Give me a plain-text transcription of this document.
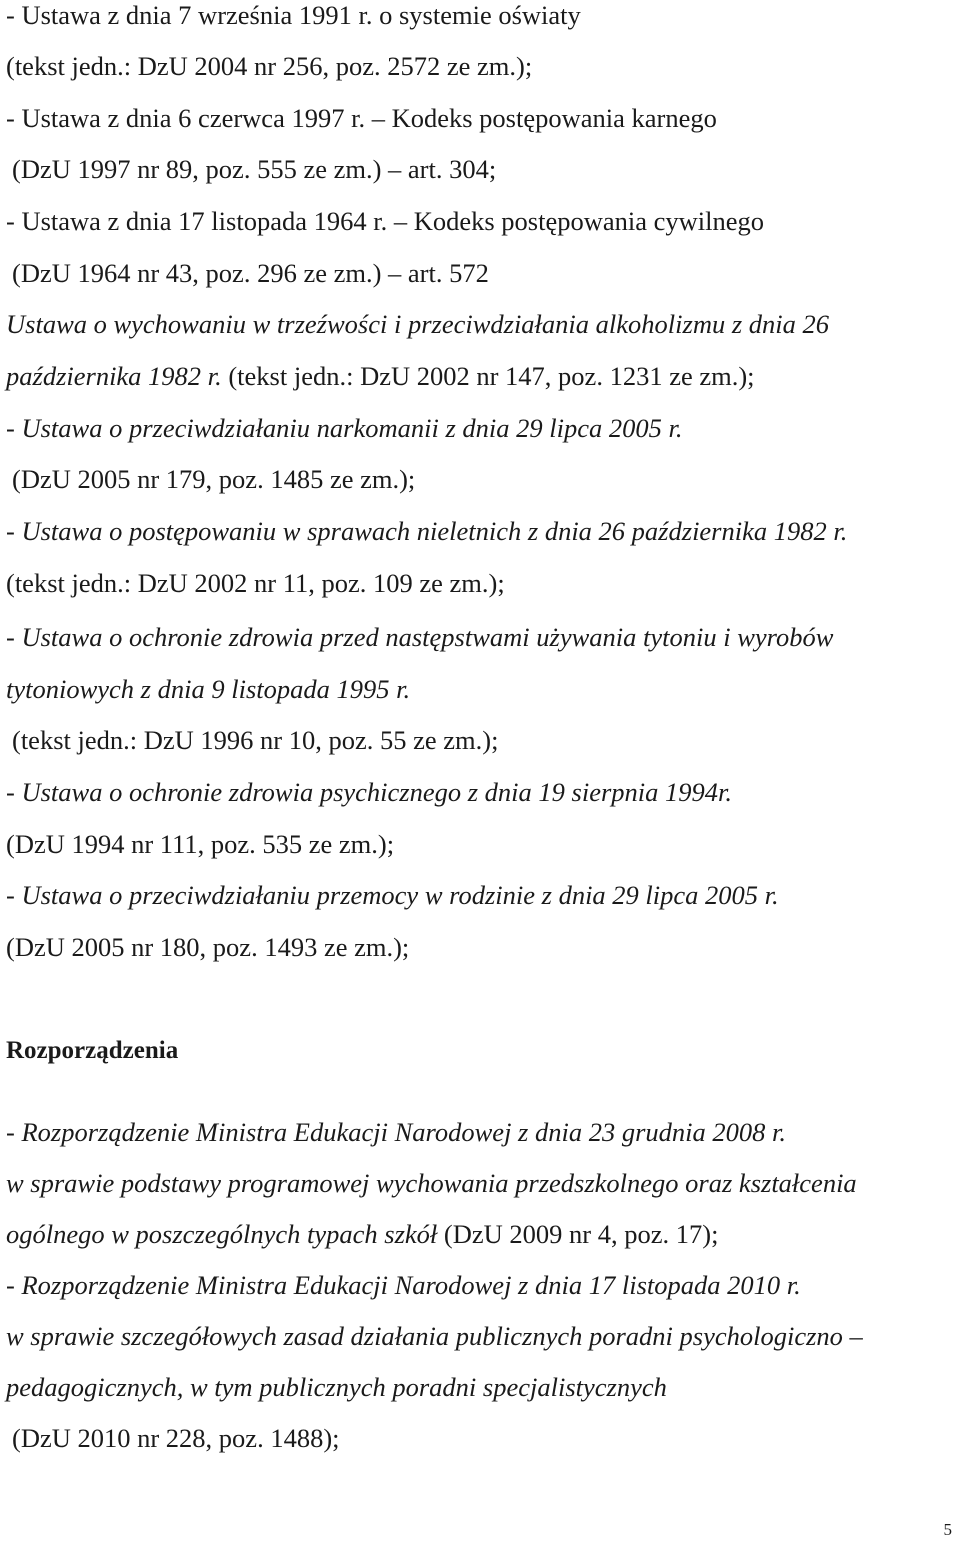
- Ustawa z dnia 7 września 1991 r. o systemie oświaty
(tekst jedn.: DzU 2004 nr 256, poz. 2572 ze zm.);
- Ustawa z dnia 6 czerwca 1997 r. – Kodeks postępowania karnego
(DzU 1997 nr 89, poz. 555 ze zm.) – art. 304;
- Ustawa z dnia 17 listopada 1964 r. – Kodeks postępowania cywilnego
(DzU 1964 nr 43, poz. 296 ze zm.) – art. 572
Ustawa o wychowaniu w trzeźwości i przeciwdziałania alkoholizmu z dnia 26
października 1982 r. (tekst jedn.: DzU 2002 nr 147, poz. 1231 ze zm.);
- Ustawa o przeciwdziałaniu narkomanii z dnia 29 lipca 2005 r.
(DzU 2005 nr 179, poz. 1485 ze zm.);
- Ustawa o postępowaniu w sprawach nieletnich z dnia 26 października 1982 r.
(tekst jedn.: DzU 2002 nr 11, poz. 109 ze zm.);
- Ustawa o ochronie zdrowia przed następstwami używania tytoniu i wyrobów
tytoniowych z dnia 9 listopada 1995 r.
(tekst jedn.: DzU 1996 nr 10, poz. 55 ze zm.);
- Ustawa o ochronie zdrowia psychicznego z dnia 19 sierpnia 1994r.
(DzU 1994 nr 111, poz. 535 ze zm.);
- Ustawa o przeciwdziałaniu przemocy w rodzinie z dnia 29 lipca 2005 r.
(DzU 2005 nr 180, poz. 1493 ze zm.);
Rozporządzenia
- Rozporządzenie Ministra Edukacji Narodowej z dnia 23 grudnia 2008 r.
w sprawie podstawy programowej wychowania przedszkolnego oraz kształcenia
ogólnego w poszczególnych typach szkół (DzU 2009 nr 4, poz. 17);
- Rozporządzenie Ministra Edukacji Narodowej z dnia 17 listopada 2010 r.
w sprawie szczegółowych zasad działania publicznych poradni psychologiczno –
pedagogicznych, w tym publicznych poradni specjalistycznych
(DzU 2010 nr 228, poz. 1488);
5
